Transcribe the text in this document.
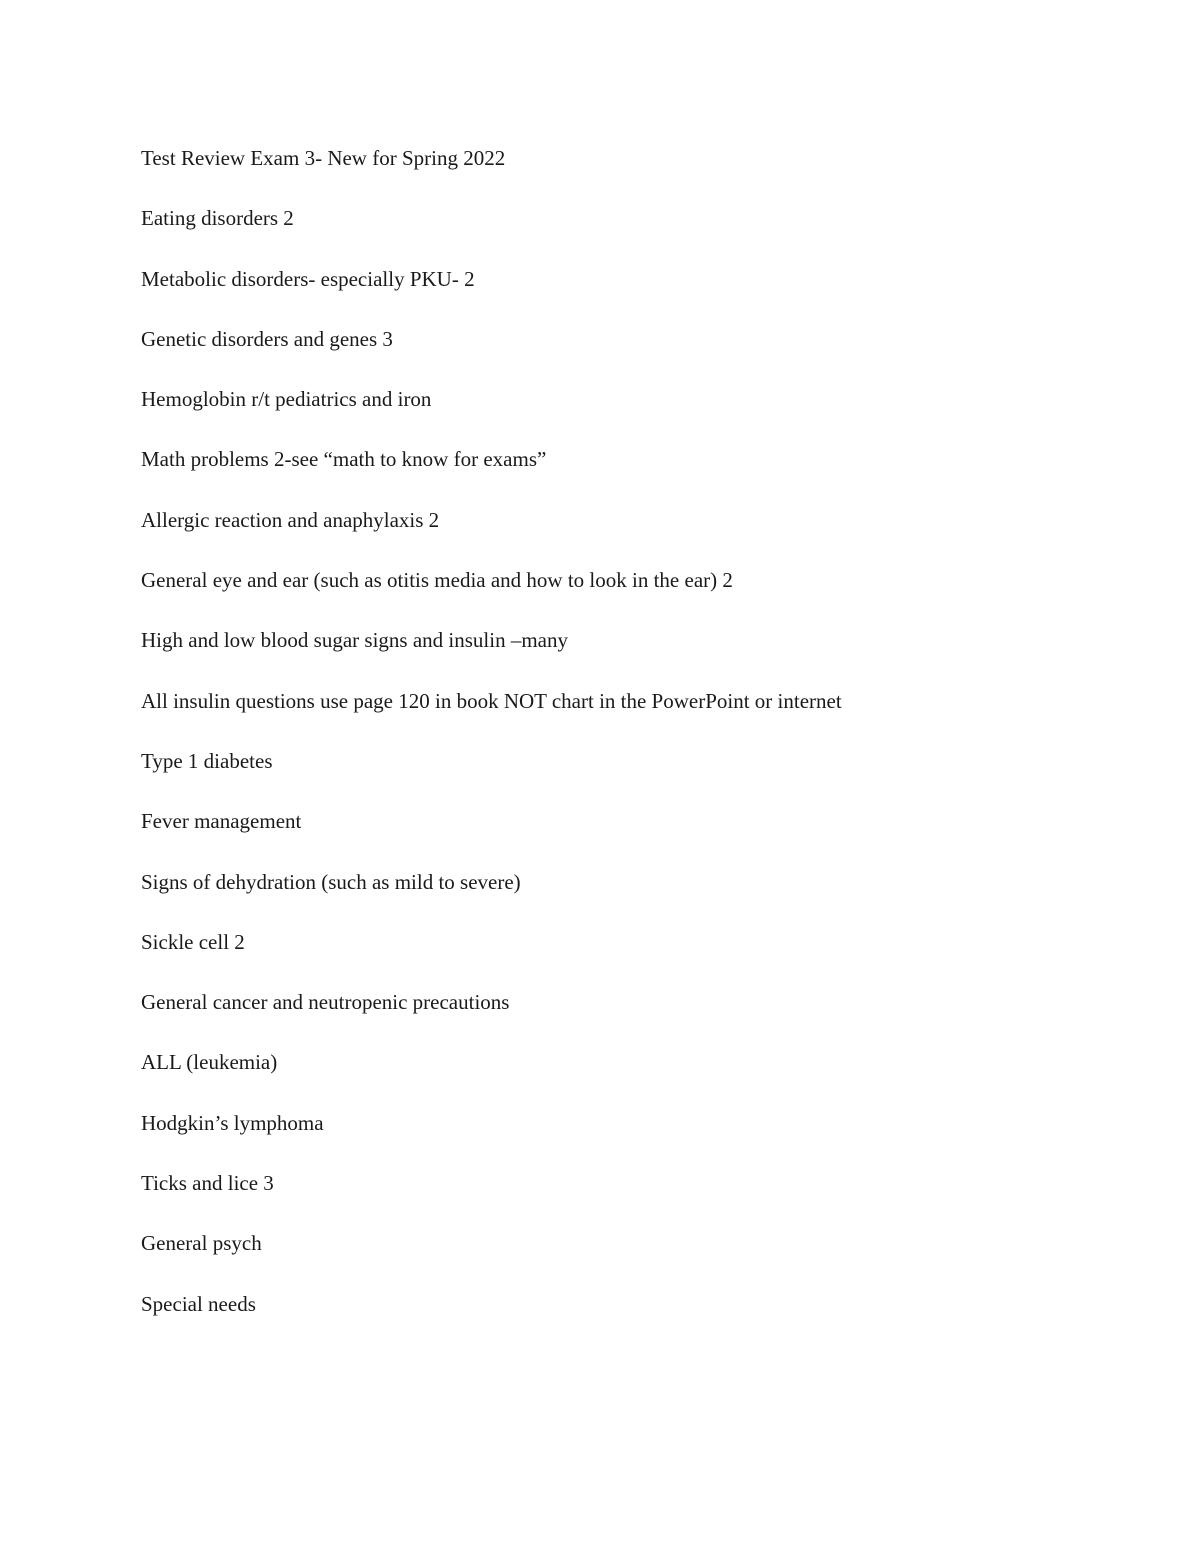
Test Review Exam 3- New for Spring 2022

Eating disorders 2

Metabolic disorders- especially PKU- 2

Genetic disorders and genes 3

Hemoglobin r/t pediatrics and iron

Math problems 2-see “math to know for exams”

Allergic reaction and anaphylaxis 2

General eye and ear (such as otitis media and how to look in the ear) 2

High and low blood sugar signs and insulin –many

All insulin questions use page 120 in book NOT chart in the PowerPoint or internet

Type 1 diabetes

Fever management

Signs of dehydration (such as mild to severe)

Sickle cell 2

General cancer and neutropenic precautions

ALL (leukemia)

Hodgkin’s lymphoma

Ticks and lice 3

General psych

Special needs
